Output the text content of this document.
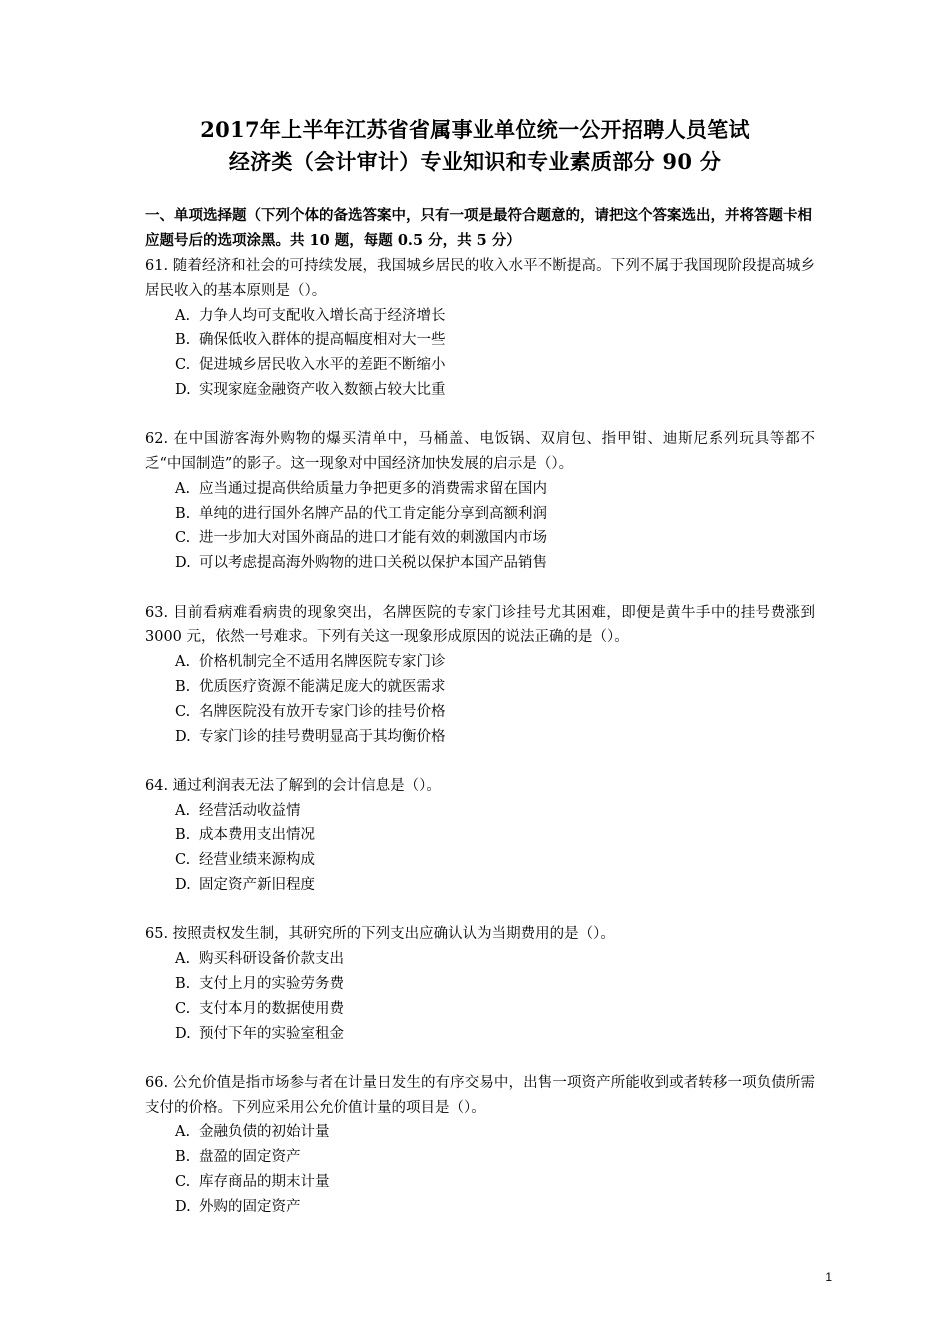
2017年上半年江苏省省属事业单位统一公开招聘人员笔试
经济类（会计审计）专业知识和专业素质部分 90 分
一、单项选择题（下列个体的备选答案中，只有一项是最符合题意的，请把这个答案选出，并将答题卡相应题号后的选项涂黑。共 10 题，每题 0.5 分，共 5 分）
61. 随着经济和社会的可持续发展，我国城乡居民的收入水平不断提高。下列不属于我国现阶段提高城乡居民收入的基本原则是（）。
A. 力争人均可支配收入增长高于经济增长
B. 确保低收入群体的提高幅度相对大一些
C. 促进城乡居民收入水平的差距不断缩小
D. 实现家庭金融资产收入数额占较大比重
62. 在中国游客海外购物的爆买清单中，马桶盖、电饭锅、双肩包、指甲钳、迪斯尼系列玩具等都不乏“中国制造”的影子。这一现象对中国经济加快发展的启示是（）。
A. 应当通过提高供给质量力争把更多的消费需求留在国内
B. 单纯的进行国外名牌产品的代工肯定能分享到高额利润
C. 进一步加大对国外商品的进口才能有效的刺激国内市场
D. 可以考虑提高海外购物的进口关税以保护本国产品销售
63. 目前看病难看病贵的现象突出，名牌医院的专家门诊挂号尤其困难，即便是黄牛手中的挂号费涨到 3000 元，依然一号难求。下列有关这一现象形成原因的说法正确的是（）。
A. 价格机制完全不适用名牌医院专家门诊
B. 优质医疗资源不能满足庞大的就医需求
C. 名牌医院没有放开专家门诊的挂号价格
D. 专家门诊的挂号费明显高于其均衡价格
64. 通过利润表无法了解到的会计信息是（）。
A. 经营活动收益情
B. 成本费用支出情况
C. 经营业绩来源构成
D. 固定资产新旧程度
65. 按照责权发生制，其研究所的下列支出应确认认为当期费用的是（）。
A. 购买科研设备价款支出
B. 支付上月的实验劳务费
C. 支付本月的数据使用费
D. 预付下年的实验室租金
66. 公允价值是指市场参与者在计量日发生的有序交易中，出售一项资产所能收到或者转移一项负债所需支付的价格。下列应采用公允价值计量的项目是（）。
A. 金融负债的初始计量
B. 盘盈的固定资产
C. 库存商品的期末计量
D. 外购的固定资产
1
